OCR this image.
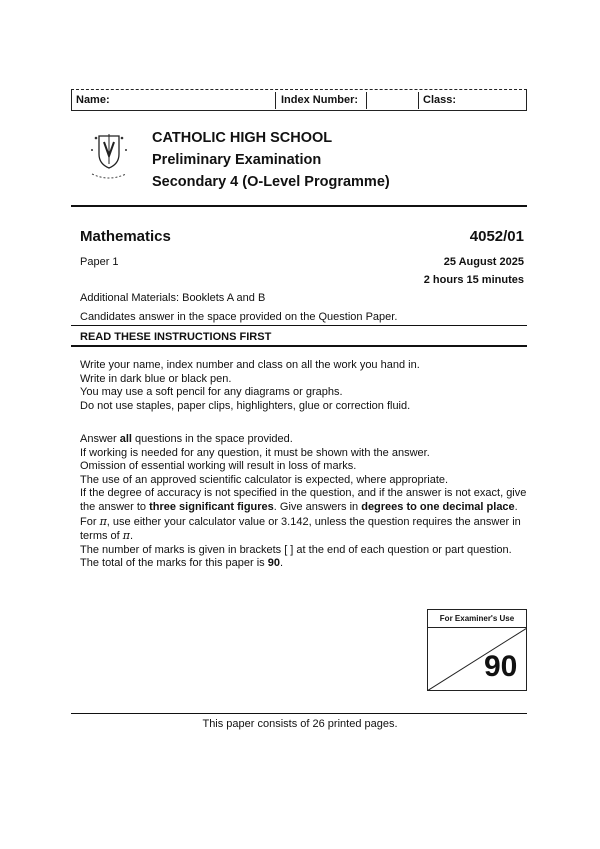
Name:	Index Number:	Class:
CATHOLIC HIGH SCHOOL
Preliminary Examination
Secondary 4 (O-Level Programme)
Mathematics	4052/01
Paper 1	25 August 2025
2 hours 15 minutes
Additional Materials: Booklets A and B
Candidates answer in the space provided on the Question Paper.
READ THESE INSTRUCTIONS FIRST
Write your name, index number and class on all the work you hand in.
Write in dark blue or black pen.
You may use a soft pencil for any diagrams or graphs.
Do not use staples, paper clips, highlighters, glue or correction fluid.
Answer all questions in the space provided.
If working is needed for any question, it must be shown with the answer.
Omission of essential working will result in loss of marks.
The use of an approved scientific calculator is expected, where appropriate.
If the degree of accuracy is not specified in the question, and if the answer is not exact, give the answer to three significant figures. Give answers in degrees to one decimal place.
For π, use either your calculator value or 3.142, unless the question requires the answer in terms of π.
The number of marks is given in brackets [ ] at the end of each question or part question.
The total of the marks for this paper is 90.
For Examiner's Use
90
This paper consists of 26 printed pages.
